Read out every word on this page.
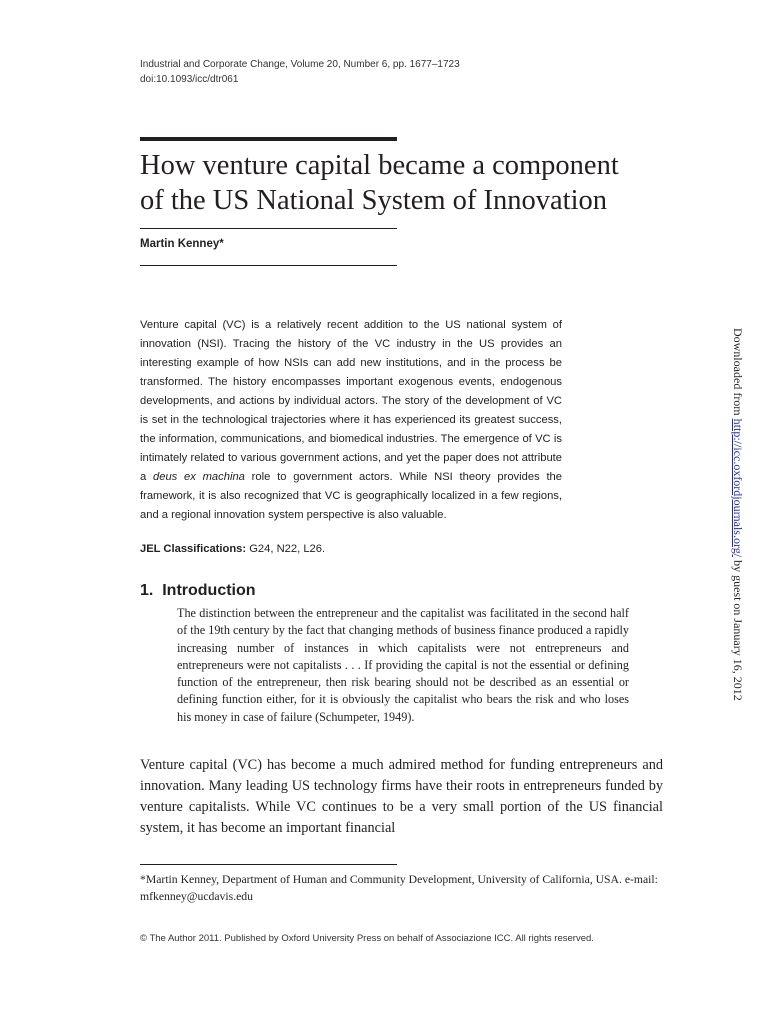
Industrial and Corporate Change, Volume 20, Number 6, pp. 1677–1723
doi:10.1093/icc/dtr061
How venture capital became a component
of the US National System of Innovation
Martin Kenney*
Venture capital (VC) is a relatively recent addition to the US national system of innovation (NSI). Tracing the history of the VC industry in the US provides an interesting example of how NSIs can add new institutions, and in the process be transformed. The history encompasses important exogenous events, endogenous developments, and actions by individual actors. The story of the development of VC is set in the technological trajectories where it has experienced its greatest success, the information, communications, and biomedical industries. The emergence of VC is intimately related to various government actions, and yet the paper does not attribute a deus ex machina role to government actors. While NSI theory provides the framework, it is also recognized that VC is geographically localized in a few regions, and a regional innovation system perspective is also valuable.
JEL Classifications: G24, N22, L26.
1.  Introduction
The distinction between the entrepreneur and the capitalist was facilitated in the second half of the 19th century by the fact that changing methods of business finance produced a rapidly increasing number of instances in which capitalists were not entrepreneurs and entrepreneurs were not capitalists . . . If providing the capital is not the essential or defining function of the entrepreneur, then risk bearing should not be described as an essential or defining function either, for it is obviously the capitalist who bears the risk and who loses his money in case of failure (Schumpeter, 1949).
Venture capital (VC) has become a much admired method for funding entrepreneurs and innovation. Many leading US technology firms have their roots in entrepreneurs funded by venture capitalists. While VC continues to be a very small portion of the US financial system, it has become an important financial
*Martin Kenney, Department of Human and Community Development, University of California, USA. e-mail: mfkenney@ucdavis.edu
© The Author 2011. Published by Oxford University Press on behalf of Associazione ICC. All rights reserved.
Downloaded from http://icc.oxfordjournals.org/ by guest on January 16, 2012
